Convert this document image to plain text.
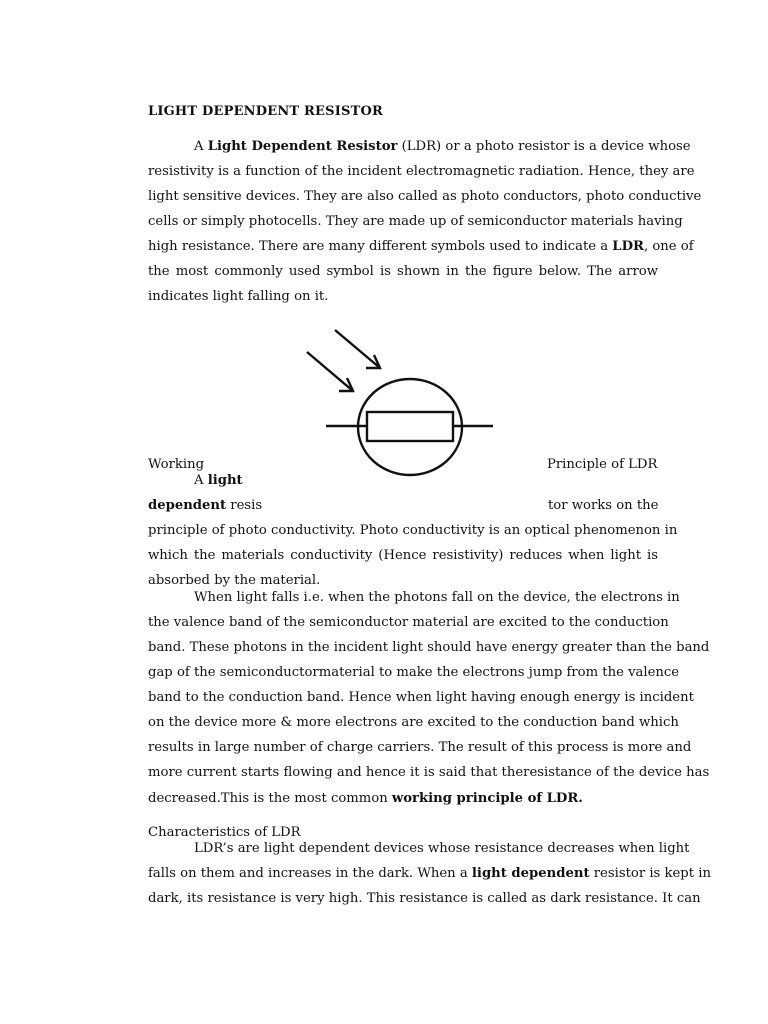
LIGHT DEPENDENT RESISTOR
A Light Dependent Resistor (LDR) or a photo resistor is a device whose
resistivity is a function of the incident electromagnetic radiation. Hence, they are
light sensitive devices. They are also called as photo conductors, photo conductive
cells or simply photocells. They are made up of semiconductor materials having
high resistance. There are many different symbols used to indicate a LDR, one of
the most commonly used symbol is shown in the figure below. The arrow
indicates light falling on it.
Working	Principle of LDR
A light
dependent resis	tor works on the
principle of photo conductivity. Photo conductivity is an optical phenomenon in
which the materials conductivity (Hence resistivity) reduces when light is
absorbed by the material.
When light falls i.e. when the photons fall on the device, the electrons in
the valence band of the semiconductor material are excited to the conduction
band. These photons in the incident light should have energy greater than the band
gap of the semiconductormaterial to make the electrons jump from the valence
band to the conduction band. Hence when light having enough energy is incident
on the device more & more electrons are excited to the conduction band which
results in large number of charge carriers. The result of this process is more and
more current starts flowing and hence it is said that theresistance of the device has
decreased.This is the most common working principle of LDR.
Characteristics of LDR
LDR’s are light dependent devices whose resistance decreases when light
falls on them and increases in the dark. When a light dependent resistor is kept in
dark, its resistance is very high. This resistance is called as dark resistance. It can
